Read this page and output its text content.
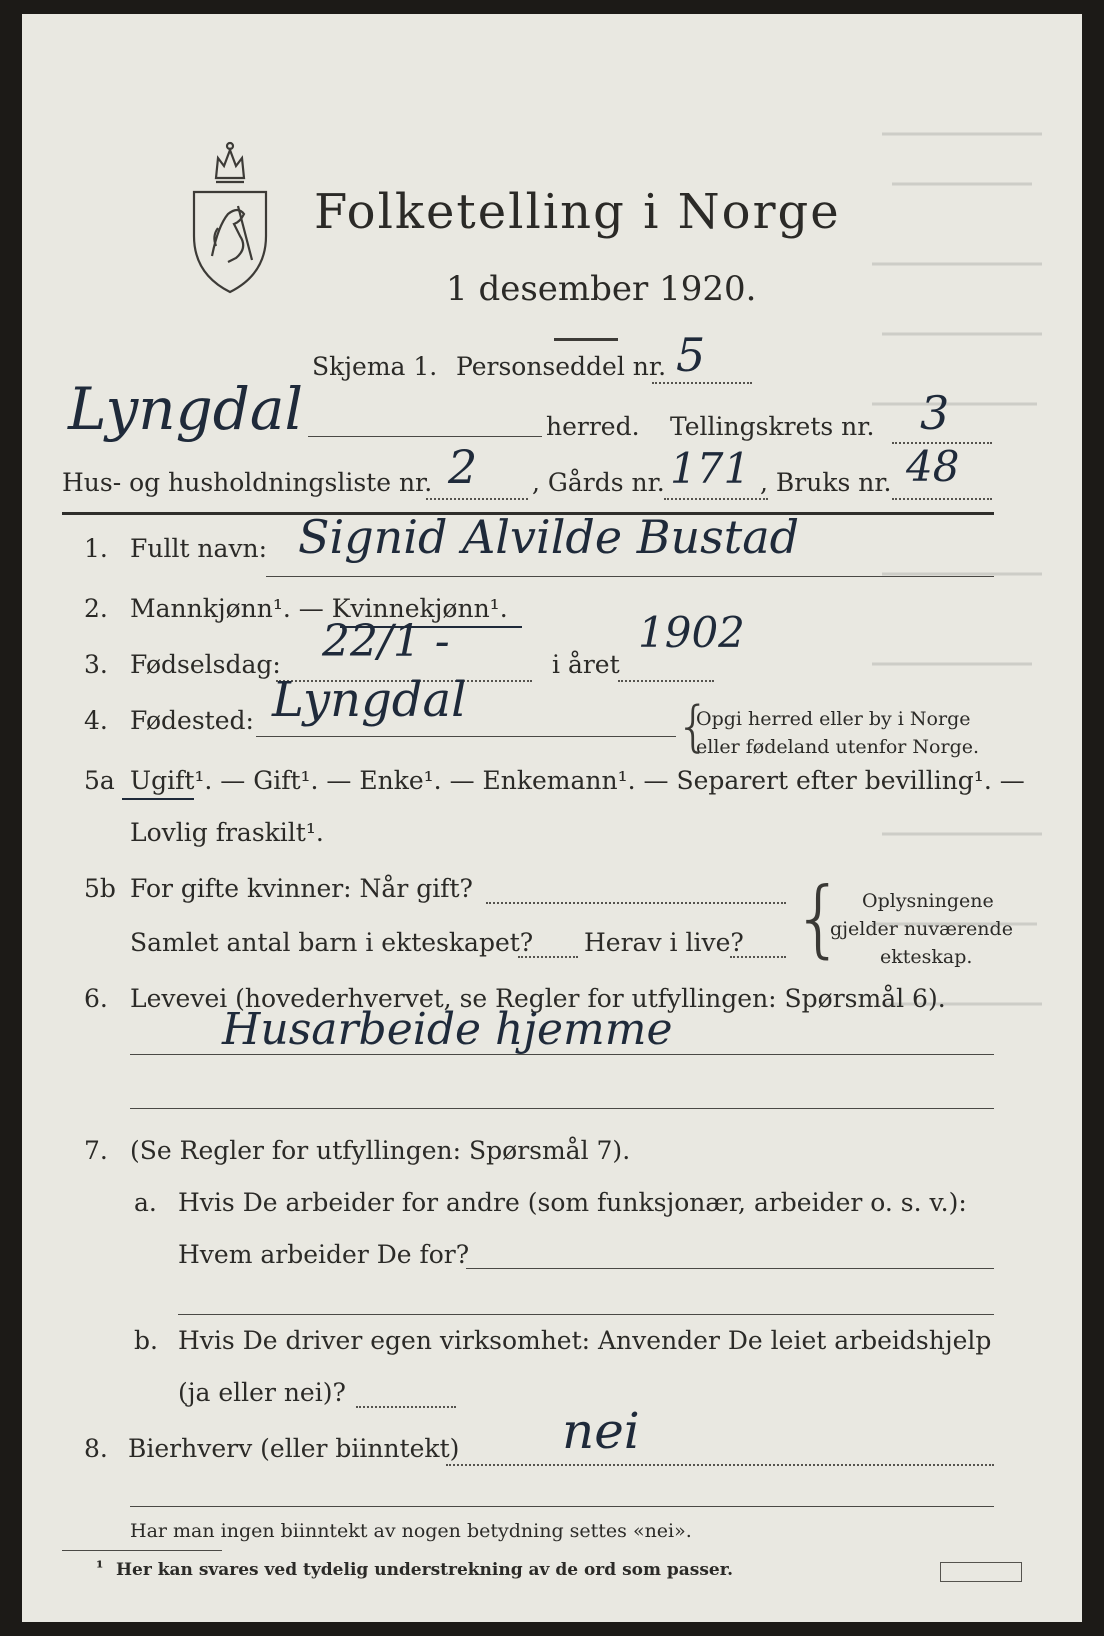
Folketelling i Norge
1 desember 1920.
Skjema 1. Personseddel nr. 5
Lyngdal	herred. Tellingskrets nr. 3
Hus- og husholdningsliste nr. 2 , Gårds nr. 171 , Bruks nr. 48
1. Fullt navn: Signid Alvilde Bustad
2. Mannkjønn¹. — Kvinnekjønn¹.
3. Fødselsdag: 22/1 -	i året
1902
4. Fødested: Lyngdal	{
Opgi herred eller by i Norge
eller fødeland utenfor Norge.
5a Ugift¹. — Gift¹. — Enke¹. — Enkemann¹. — Separert efter bevilling¹. —
Lovlig fraskilt¹.
5b For gifte kvinner: Når gift?
Samlet antal barn i ekteskapet? Herav i live? { Oplysningene
gjelder nuværende
ekteskap.
6. Levevei (hovederhvervet, se Regler for utfyllingen: Spørsmål 6).
Husarbeide hjemme
7. (Se Regler for utfyllingen: Spørsmål 7).
a. Hvis De arbeider for andre (som funksjonær, arbeider o. s. v.):
Hvem arbeider De for?
b. Hvis De driver egen virksomhet: Anvender De leiet arbeidshjelp
(ja eller nei)?
8. Bierhverv (eller biinntekt) nei
Har man ingen biinntekt av nogen betydning settes «nei».
¹ Her kan svares ved tydelig understrekning av de ord som passer.
